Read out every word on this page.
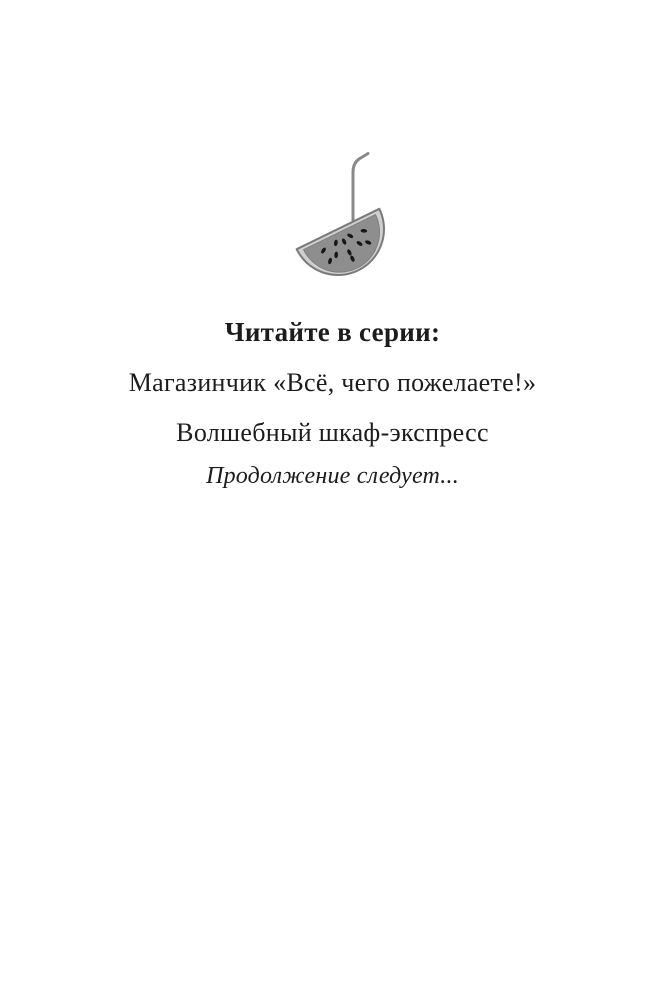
Читайте в серии:
Магазинчик «Всё, чего пожелаете!»
Волшебный шкаф-экспресс
Продолжение следует...
